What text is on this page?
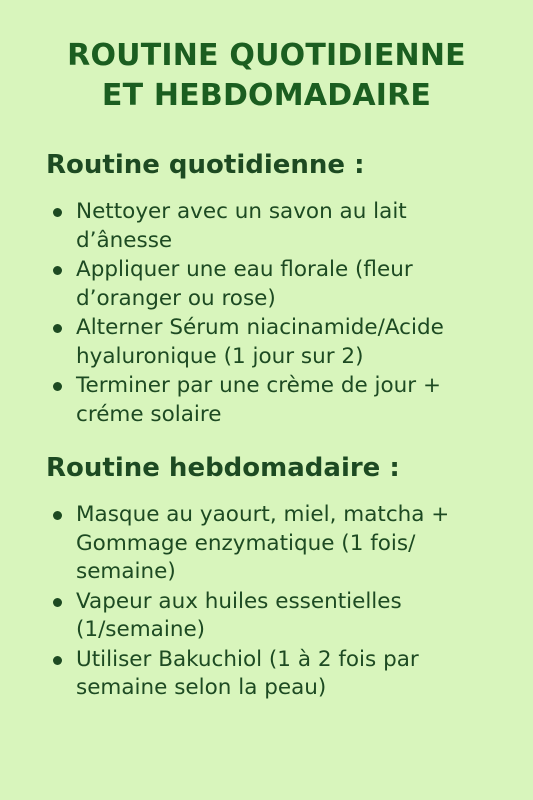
ROUTINE QUOTIDIENNE
ET HEBDOMADAIRE
Routine quotidienne :
Nettoyer avec un savon au lait
d’ânesse
Appliquer une eau florale (fleur
d’oranger ou rose)
Alterner Sérum niacinamide/Acide
hyaluronique (1 jour sur 2)
Terminer par une crème de jour +
créme solaire
Routine hebdomadaire :
Masque au yaourt, miel, matcha +
Gommage enzymatique (1 fois/
semaine)
Vapeur aux huiles essentielles
(1/semaine)
Utiliser Bakuchiol (1 à 2 fois par
semaine selon la peau)
